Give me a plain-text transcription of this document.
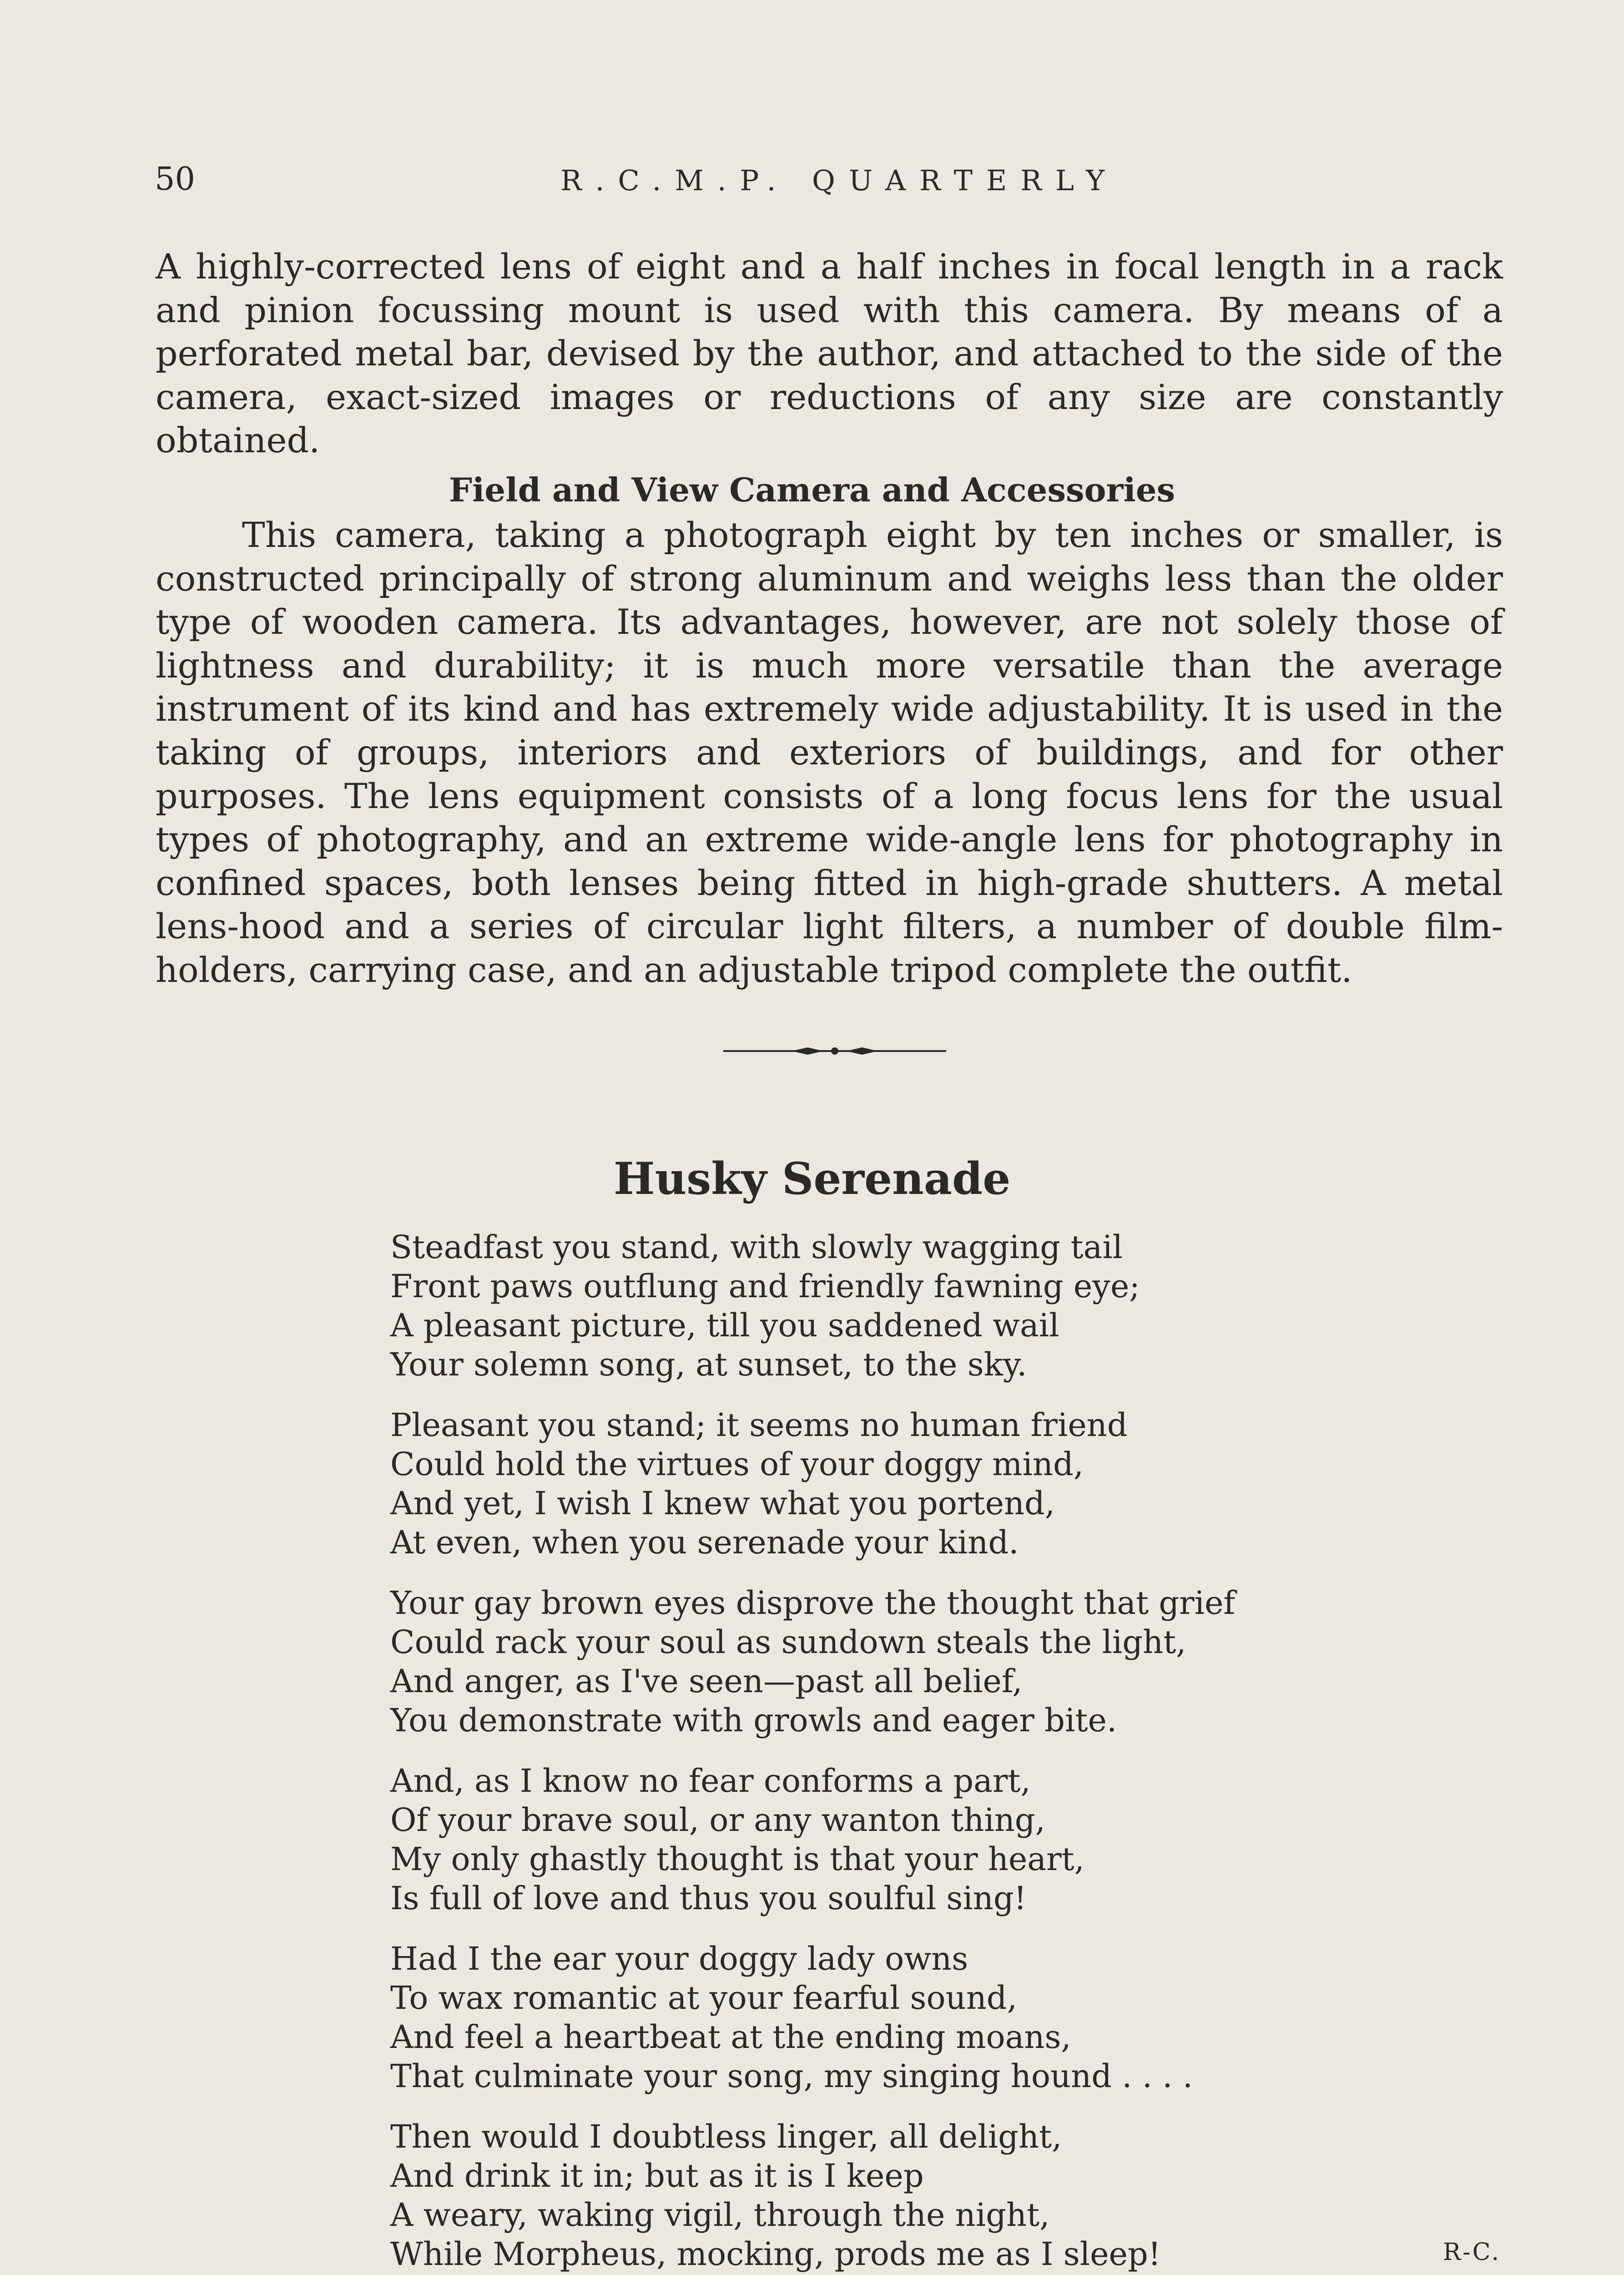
50	R.C.M.P. QUARTERLY

A highly-corrected lens of eight and a half inches in focal length in a rack and pinion focussing mount is used with this camera. By means of a perforated metal bar, devised by the author, and attached to the side of the camera, exact-sized images or reductions of any size are constantly obtained.

Field and View Camera and Accessories

This camera, taking a photograph eight by ten inches or smaller, is constructed principally of strong aluminum and weighs less than the older type of wooden camera. Its advantages, however, are not solely those of lightness and durability; it is much more versatile than the average instrument of its kind and has extremely wide adjustability. It is used in the taking of groups, interiors and exteriors of buildings, and for other purposes. The lens equipment consists of a long focus lens for the usual types of photography, and an extreme wide-angle lens for photography in confined spaces, both lenses being fitted in high-grade shutters. A metal lens-hood and a series of circular light filters, a number of double film-holders, carrying case, and an adjustable tripod complete the outfit.

Husky Serenade
Steadfast you stand, with slowly wagging tail
Front paws outflung and friendly fawning eye;
A pleasant picture, till you saddened wail
Your solemn song, at sunset, to the sky.
Pleasant you stand; it seems no human friend
Could hold the virtues of your doggy mind,
And yet, I wish I knew what you portend,
At even, when you serenade your kind.
Your gay brown eyes disprove the thought that grief
Could rack your soul as sundown steals the light,
And anger, as I've seen—past all belief,
You demonstrate with growls and eager bite.
And, as I know no fear conforms a part,
Of your brave soul, or any wanton thing,
My only ghastly thought is that your heart,
Is full of love and thus you soulful sing!
Had I the ear your doggy lady owns
To wax romantic at your fearful sound,
And feel a heartbeat at the ending moans,
That culminate your song, my singing hound . . . .
Then would I doubtless linger, all delight,
And drink it in; but as it is I keep
A weary, waking vigil, through the night,
While Morpheus, mocking, prods me as I sleep!	R-C.
